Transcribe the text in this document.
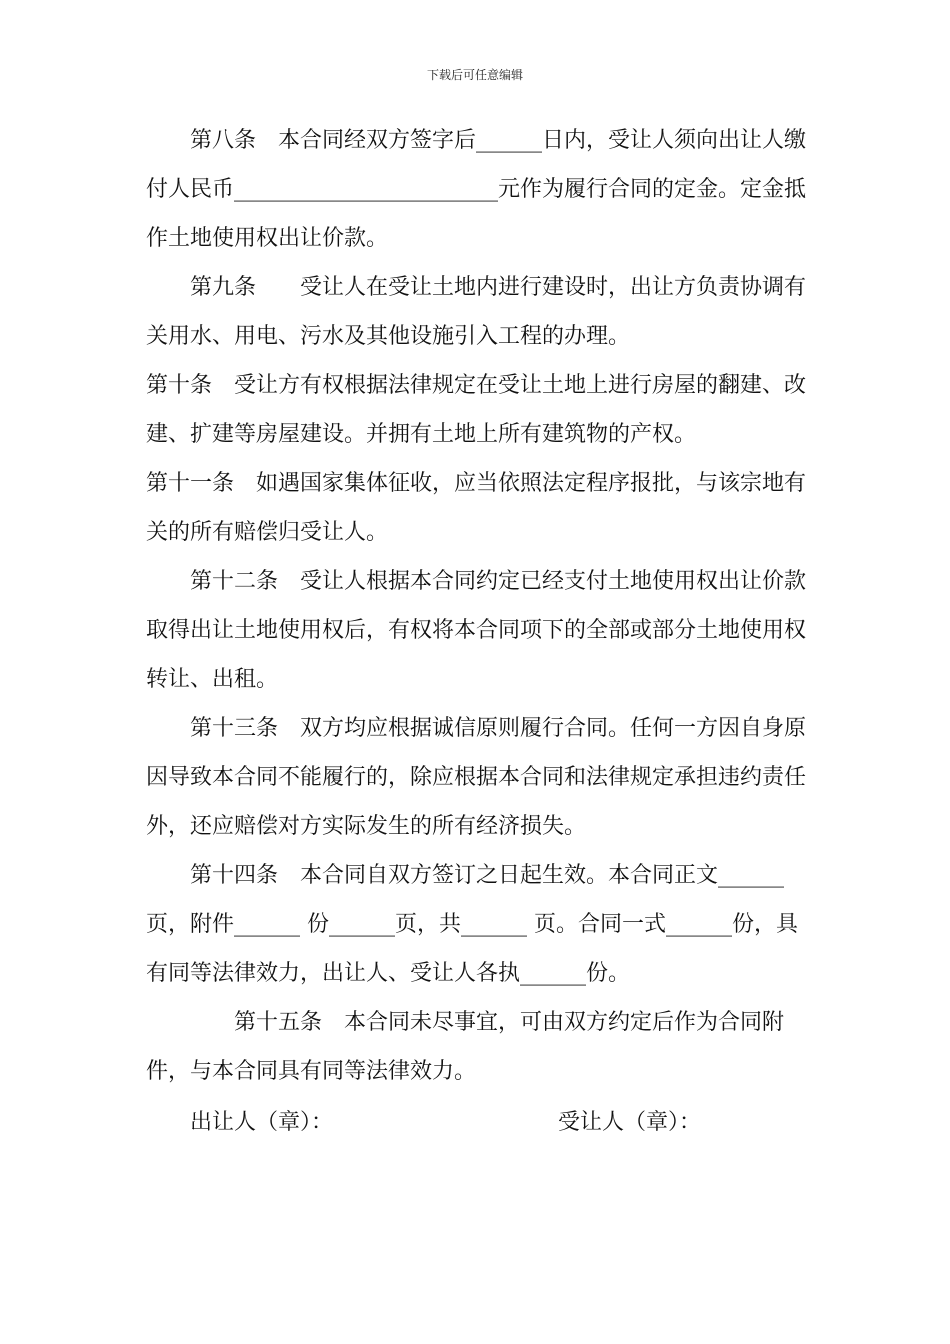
下载后可任意编辑

第八条　本合同经双方签字后______日内，受让人须向出让人缴付人民币________________________元作为履行合同的定金。定金抵作土地使用权出让价款。

第九条　　受让人在受让土地内进行建设时，出让方负责协调有关用水、用电、污水及其他设施引入工程的办理。

第十条　受让方有权根据法律规定在受让土地上进行房屋的翻建、改建、扩建等房屋建设。并拥有土地上所有建筑物的产权。

第十一条　如遇国家集体征收，应当依照法定程序报批，与该宗地有关的所有赔偿归受让人。

第十二条　受让人根据本合同约定已经支付土地使用权出让价款取得出让土地使用权后，有权将本合同项下的全部或部分土地使用权转让、出租。

第十三条　双方均应根据诚信原则履行合同。任何一方因自身原因导致本合同不能履行的，除应根据本合同和法律规定承担违约责任外，还应赔偿对方实际发生的所有经济损失。

第十四条　本合同自双方签订之日起生效。本合同正文______页，附件______ 份______页，共______ 页。合同一式______份，具有同等法律效力，出让人、受让人各执______份。

第十五条　本合同未尽事宜，可由双方约定后作为合同附件，与本合同具有同等法律效力。

出让人（章）：	受让人（章）：
